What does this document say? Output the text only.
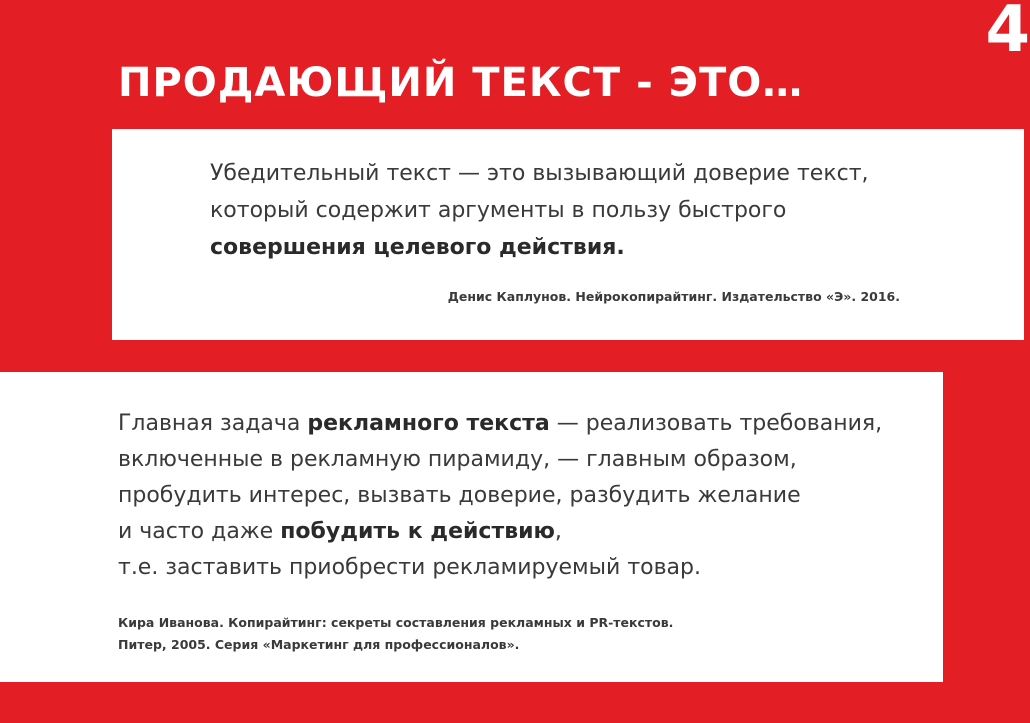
4
ПРОДАЮЩИЙ ТЕКСТ - ЭТО…

Убедительный текст — это вызывающий доверие текст,
который содержит аргументы в пользу быстрого
совершения целевого действия.

Денис Каплунов. Нейрокопирайтинг. Издательство «Э». 2016.

Главная задача рекламного текста — реализовать требования,
включенные в рекламную пирамиду, — главным образом,
пробудить интерес, вызвать доверие, разбудить желание
и часто даже побудить к действию,
т.е. заставить приобрести рекламируемый товар.

Кира Иванова. Копирайтинг: секреты составления рекламных и PR-текстов.
Питер, 2005. Серия «Маркетинг для профессионалов».
